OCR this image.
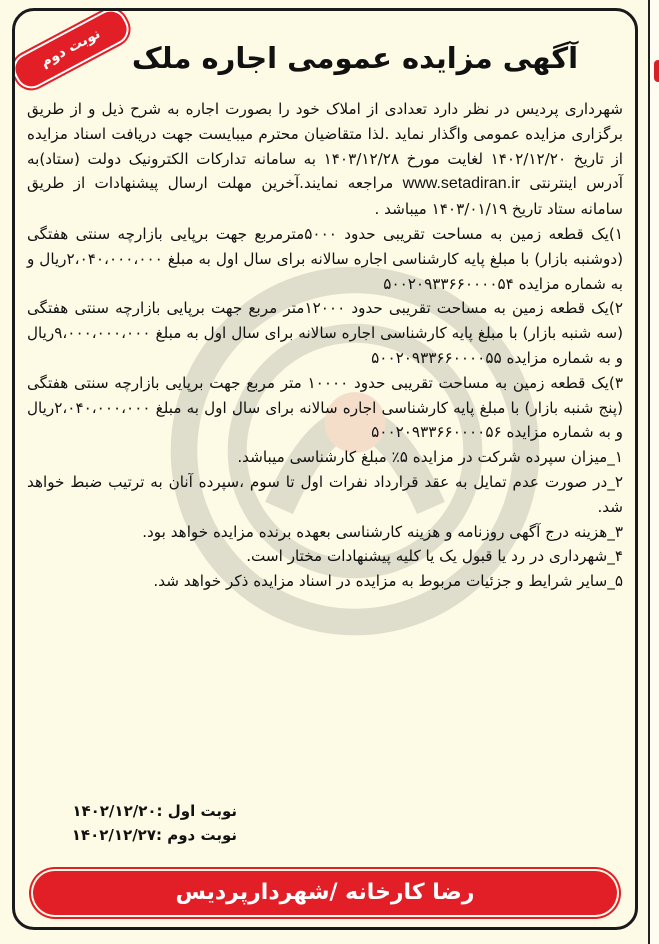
نوبت دوم آگهی مزایده عمومی اجاره ملک

شهرداری پردیس در نظر دارد تعدادی از املاک خود را بصورت اجاره به شرح ذیل و از طریق برگزاری مزایده عمومی واگذار نماید .لذا متقاضیان محترم میبایست جهت دریافت اسناد مزایده از تاریخ ۱۴۰۲/۱۲/۲۰ لغایت مورخ ۱۴۰۳/۱۲/۲۸ به سامانه تدارکات الکترونیک دولت (ستاد)به آدرس اینترنتی www.setadiran.ir مراجعه نمایند.آخرین مهلت ارسال پیشنهادات از طریق سامانه ستاد تاریخ ۱۴۰۳/۰۱/۱۹ میباشد .

۱)یک قطعه زمین به مساحت تقریبی حدود ۵۰۰۰مترمربع جهت برپایی بازارچه سنتی هفتگی (دوشنبه بازار) با مبلغ پایه کارشناسی اجاره سالانه برای سال اول به مبلغ ۲،۰۴۰،۰۰۰،۰۰۰ریال و به شماره مزایده ۵۰۰۲۰۹۳۳۶۶۰۰۰۰۵۴

۲)یک قطعه زمین به مساحت تقریبی حدود ۱۲۰۰۰متر مربع جهت برپایی بازارچه سنتی هفتگی (سه شنبه بازار) با مبلغ پایه کارشناسی اجاره سالانه برای سال اول به مبلغ ۹،۰۰۰،۰۰۰،۰۰۰ریال و به شماره مزایده ۵۰۰۲۰۹۳۳۶۶۰۰۰۰۵۵

۳)یک قطعه زمین به مساحت تقریبی حدود ۱۰۰۰۰ متر مربع جهت برپایی بازارچه سنتی هفتگی (پنج شنبه بازار) با مبلغ پایه کارشناسی اجاره سالانه برای سال اول به مبلغ ۲،۰۴۰،۰۰۰،۰۰۰ریال و به شماره مزایده ۵۰۰۲۰۹۳۳۶۶۰۰۰۰۵۶

۱_میزان سپرده شرکت در مزایده ۵٪ مبلغ کارشناسی میباشد.

۲_در صورت عدم تمایل به عقد قرارداد نفرات اول تا سوم ،سپرده آنان به ترتیب ضبط خواهد شد.

۳_هزینه درج آگهی روزنامه و هزینه کارشناسی بعهده برنده مزایده خواهد بود.

۴_شهرداری در رد یا قبول یک یا کلیه پیشنهادات مختار است.

۵_سایر شرایط و جزئیات مربوط به مزایده در اسناد مزایده ذکر خواهد شد.

نوبت اول :۱۴۰۲/۱۲/۲۰
نوبت دوم :۱۴۰۲/۱۲/۲۷
رضا کارخانه /شهردارپردیس
